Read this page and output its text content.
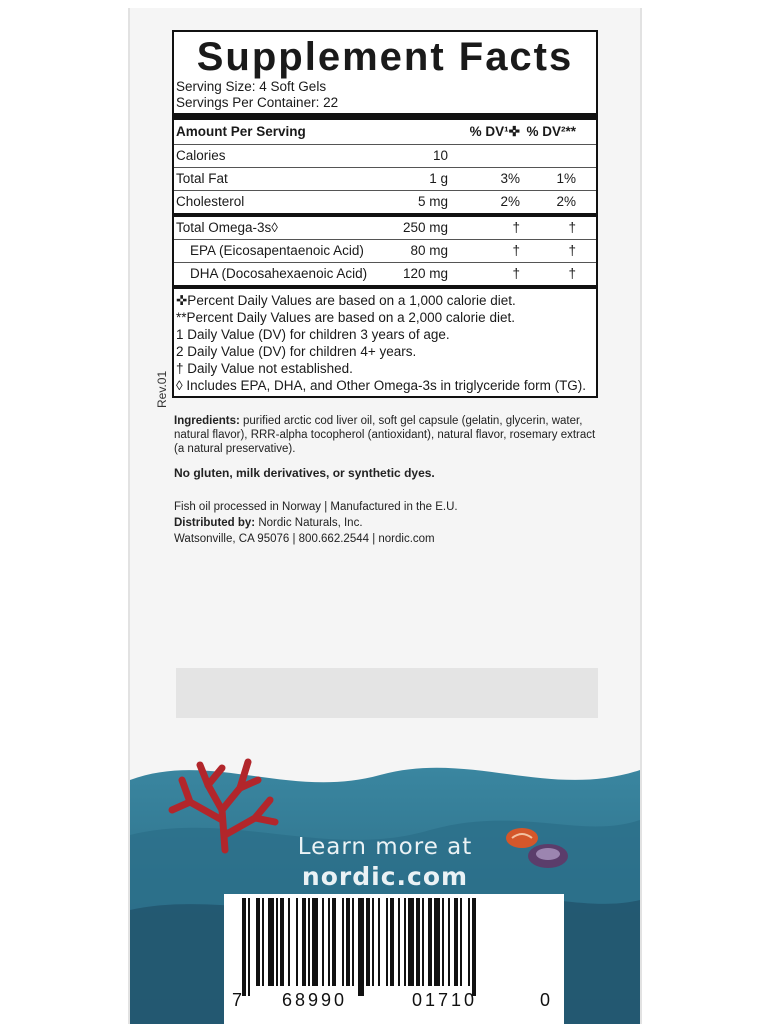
Supplement Facts
Serving Size: 4 Soft Gels
Servings Per Container: 22
Amount Per Serving	% DV¹✜ % DV²**
Calories	10
Total Fat	1 g	3%	1%
Cholesterol	5 mg	2%	2%
Total Omega-3s◊	250 mg	†	†
EPA (Eicosapentaenoic Acid)	80 mg	†	†
DHA (Docosahexaenoic Acid)	120 mg	†	†
✜Percent Daily Values are based on a 1,000 calorie diet.
**Percent Daily Values are based on a 2,000 calorie diet.
1 Daily Value (DV) for children 3 years of age.
2 Daily Value (DV) for children 4+ years.
† Daily Value not established.
◊ Includes EPA, DHA, and Other Omega-3s in triglyceride form (TG).
Rev.01
Ingredients: purified arctic cod liver oil, soft gel capsule (gelatin, glycerin, water, natural flavor), RRR-alpha tocopherol (antioxidant), natural flavor, rosemary extract (a natural preservative).
No gluten, milk derivatives, or synthetic dyes.
Fish oil processed in Norway | Manufactured in the E.U.
Distributed by: Nordic Naturals, Inc.
Watsonville, CA 95076 | 800.662.2544 | nordic.com
Learn more at
nordic.com
7 68990	01710	0
